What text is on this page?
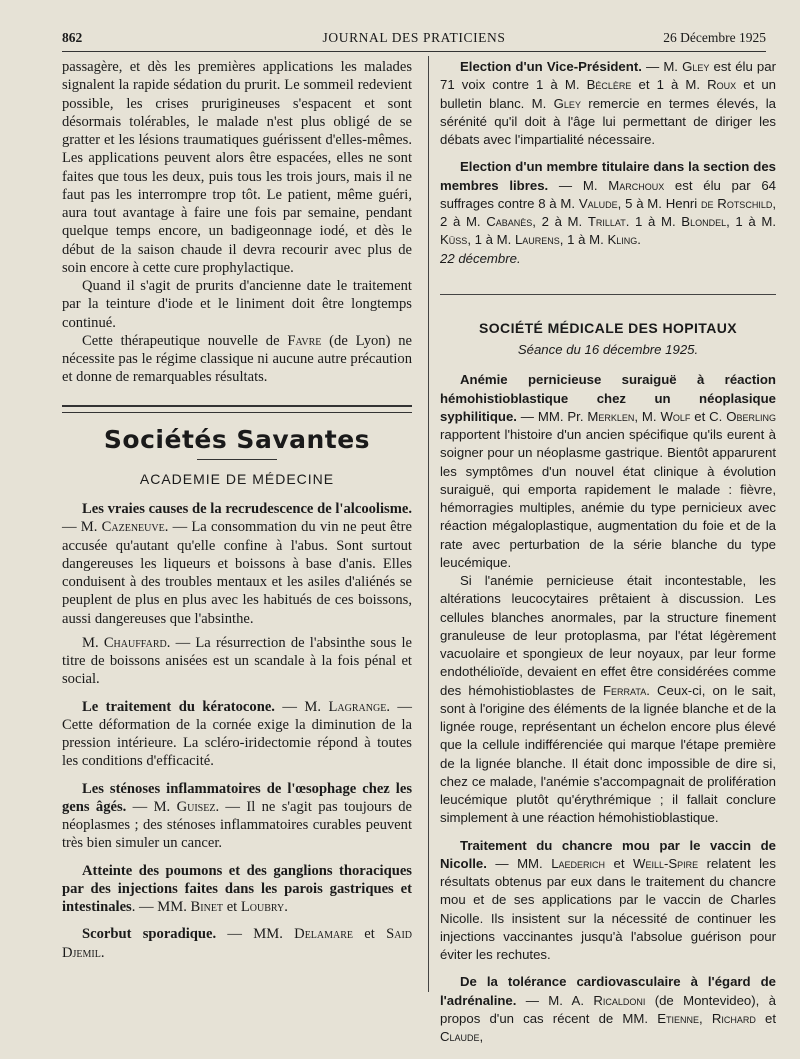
862	JOURNAL DES PRATICIENS	26 Décembre 1925

passagère, et dès les premières applications les malades signalent la rapide sédation du prurit. Le sommeil redevient possible, les crises prurigineuses s'espacent et sont désormais tolérables, le malade n'est plus obligé de se gratter et les lésions traumatiques guérissent d'elles-mêmes. Les applications peuvent alors être espacées, elles ne sont faites que tous les deux, puis tous les trois jours, mais il ne faut pas les interrompre trop tôt. Le patient, même guéri, aura tout avantage à faire une fois par semaine, pendant quelque temps encore, un badigeonnage iodé, et dès le début de la saison chaude il devra recourir avec plus de soin encore à cette cure prophylactique.

Quand il s'agit de prurits d'ancienne date le traitement par la teinture d'iode et le liniment doit être longtemps continué.

Cette thérapeutique nouvelle de Favre (de Lyon) ne nécessite pas le régime classique ni aucune autre précaution et donne de remarquables résultats.

Sociétés Savantes
ACADEMIE DE MÉDECINE

Les vraies causes de la recrudescence de l'alcoolisme. — M. Cazeneuve. — La consommation du vin ne peut être accusée qu'autant qu'elle confine à l'abus. Sont surtout dangereuses les liqueurs et boissons à base d'anis. Elles conduisent à des troubles mentaux et les asiles d'aliénés se peuplent de plus en plus avec les habitués de ces boissons, aussi dangereuses que l'absinthe.

M. Chauffard. — La résurrection de l'absinthe sous le titre de boissons anisées est un scandale à la fois pénal et social.

Le traitement du kératocone. — M. Lagrange. — Cette déformation de la cornée exige la diminution de la pression intérieure. La scléro-iridectomie répond à toutes les conditions d'efficacité.

Les sténoses inflammatoires de l'œsophage chez les gens âgés. — M. Guisez. — Il ne s'agit pas toujours de néoplasmes ; des sténoses inflammatoires curables peuvent très bien simuler un cancer.

Atteinte des poumons et des ganglions thoraciques par des injections faites dans les parois gastriques et intestinales. — MM. Binet et Loubry.

Scorbut sporadique. — MM. Delamare et Said Djemil.

Election d'un Vice-Président. — M. Gley est élu par 71 voix contre 1 à M. Béclère et 1 à M. Roux et un bulletin blanc. M. Gley remercie en termes élevés, la sérénité qu'il doit à l'âge lui permettant de diriger les débats avec l'impartialité nécessaire.

Election d'un membre titulaire dans la section des membres libres. — M. Marchoux est élu par 64 suffrages contre 8 à M. Valude, 5 à M. Henri de Rotschild, 2 à M. Cabanès, 2 à M. Trillat. 1 à M. Blondel, 1 à M. Küss, 1 à M. Laurens, 1 à M. Kling.

22 décembre.

SOCIÉTÉ MÉDICALE DES HOPITAUX
Séance du 16 décembre 1925.

Anémie pernicieuse suraiguë à réaction hémohistioblastique chez un néoplasique syphilitique. — MM. Pr. Merklen, M. Wolf et C. Oberling rapportent l'histoire d'un ancien spécifique qu'ils eurent à soigner pour un néoplasme gastrique. Bientôt apparurent les symptômes d'un nouvel état clinique à évolution suraiguë, qui emporta rapidement le malade : fièvre, hémorragies multiples, anémie du type pernicieux avec réaction mégaloplastique, augmentation du foie et de la rate avec perturbation de la série blanche du type leucémique.

Si l'anémie pernicieuse était incontestable, les altérations leucocytaires prêtaient à discussion. Les cellules blanches anormales, par la structure finement granuleuse de leur protoplasma, par l'état légèrement vacuolaire et spongieux de leur noyaux, par leur forme endothélioïde, devaient en effet être considérées comme des hémohistioblastes de Ferrata. Ceux-ci, on le sait, sont à l'origine des éléments de la lignée blanche et de la lignée rouge, représentant un échelon encore plus élevé que la cellule indifférenciée qui marque l'étape première de la lignée blanche. Il était donc impossible de dire si, chez ce malade, l'anémie s'accompagnait de prolifération leucémique plutôt qu'érythrémique ; il fallait conclure simplement à une réaction hémohistioblastique.

Traitement du chancre mou par le vaccin de Nicolle. — MM. Laederich et Weill-Spire relatent les résultats obtenus par eux dans le traitement du chancre mou et de ses applications par le vaccin de Charles Nicolle. Ils insistent sur la nécessité de continuer les injections vaccinantes jusqu'à l'absolue guérison pour éviter les rechutes.

De la tolérance cardiovasculaire à l'égard de l'adrénaline. — M. A. Ricaldoni (de Montevideo), à propos d'un cas récent de MM. Etienne, Richard et Claude,
